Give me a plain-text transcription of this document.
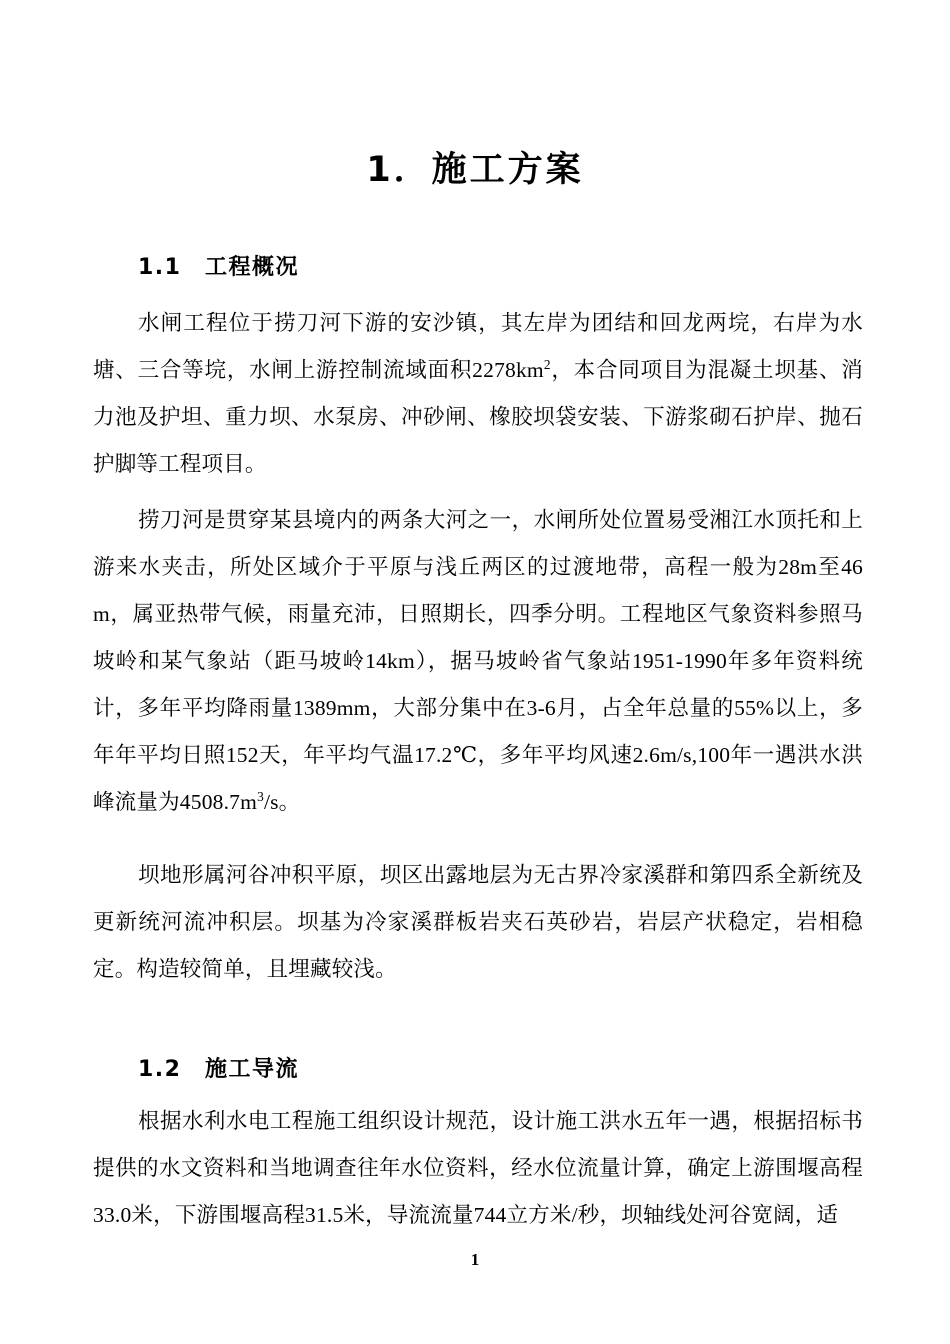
1．施工方案
1.1　工程概况
水闸工程位于捞刀河下游的安沙镇，其左岸为团结和回龙两垸，右岸为水塘、三合等垸，水闸上游控制流域面积$2278km^2$，本合同项目为混凝土坝基、消力池及护坦、重力坝、水泵房、冲砂闸、橡胶坝袋安装、下游浆砌石护岸、抛石护脚等工程项目。
捞刀河是贯穿某县境内的两条大河之一，水闸所处位置易受湘江水顶托和上游来水夹击，所处区域介于平原与浅丘两区的过渡地带，高程一般为28m至46m，属亚热带气候，雨量充沛，日照期长，四季分明。工程地区气象资料参照马坡岭和某气象站（距马坡岭14km），据马坡岭省气象站1951-1990年多年资料统计，多年平均降雨量1389mm，大部分集中在3-6月，占全年总量的55%以上，多年年平均日照152天，年平均气温17.2℃，多年平均风速2.6m/s,100年一遇洪水洪峰流量为$4508.7m^3/s$。
坝地形属河谷冲积平原，坝区出露地层为无古界冷家溪群和第四系全新统及更新统河流冲积层。坝基为冷家溪群板岩夹石英砂岩，岩层产状稳定，岩相稳定。构造较简单，且埋藏较浅。
1.2　施工导流
根据水利水电工程施工组织设计规范，设计施工洪水五年一遇，根据招标书提供的水文资料和当地调查往年水位资料，经水位流量计算，确定上游围堰高程33.0米，下游围堰高程31.5米，导流流量744立方米/秒，坝轴线处河谷宽阔，适
1
